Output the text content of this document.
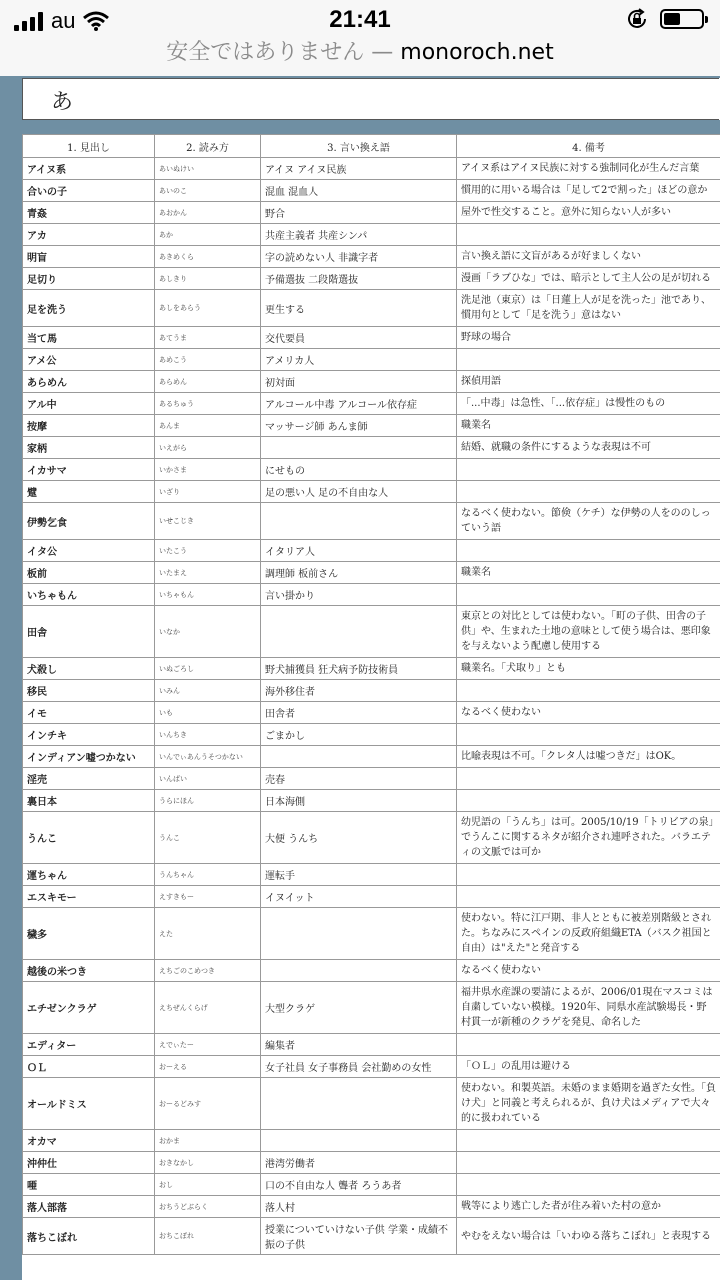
au	21:41
安全ではありません — monoroch.net
あ
1. 見出し	2. 読み方	3. 言い換え語	4. 備考
アイヌ系	あいぬけい	アイヌ アイヌ民族	アイヌ系はアイヌ民族に対する強制同化が生んだ言葉
合いの子	あいのこ	混血 混血人	慣用的に用いる場合は「足して2で割った」ほどの意か
青姦	あおかん	野合	屋外で性交すること。意外に知らない人が多い
アカ	あか	共産主義者 共産シンパ	
明盲	あきめくら	字の読めない人 非識字者	言い換え語に文盲があるが好ましくない
足切り	あしきり	予備選抜 二段階選抜	漫画「ラブひな」では、暗示として主人公の足が切れる
足を洗う	あしをあらう	更生する	洗足池（東京）は「日蓮上人が足を洗った」池であり、慣用句として「足を洗う」意はない
当て馬	あてうま	交代要員	野球の場合
アメ公	あめこう	アメリカ人	
あらめん	あらめん	初対面	探偵用語
アル中	あるちゅう	アルコール中毒 アルコール依存症	「...中毒」は急性、「...依存症」は慢性のもの
按摩	あんま	マッサージ師 あんま師	職業名
家柄	いえがら		結婚、就職の条件にするような表現は不可
イカサマ	いかさま	にせもの	
躄	いざり	足の悪い人 足の不自由な人	
伊勢乞食	いせこじき		なるべく使わない。節倹（ケチ）な伊勢の人をののしっていう語
イタ公	いたこう	イタリア人	
板前	いたまえ	調理師 板前さん	職業名
いちゃもん	いちゃもん	言い掛かり	
田舎	いなか		東京との対比としては使わない。「町の子供、田舎の子供」や、生まれた土地の意味として使う場合は、悪印象を与えないよう配慮し使用する
犬殺し	いぬごろし	野犬捕獲員 狂犬病予防技術員	職業名。「犬取り」とも
移民	いみん	海外移住者	
イモ	いも	田舎者	なるべく使わない
インチキ	いんちき	ごまかし	
インディアン嘘つかない	いんでぃあんうそつかない		比喩表現は不可。「クレタ人は嘘つきだ」はOK。
淫売	いんばい	売春	
裏日本	うらにほん	日本海側	
うんこ	うんこ	大便 うんち	幼児語の「うんち」は可。2005/10/19「トリビアの泉」でうんこに関するネタが紹介され連呼された。バラエティの文脈では可か
運ちゃん	うんちゃん	運転手	
エスキモー	えすきもー	イヌイット	
穢多	えた		使わない。特に江戸期、非人とともに被差別階級とされた。ちなみにスペインの反政府組織ETA（バスク祖国と自由）は"えた"と発音する
越後の米つき	えちごのこめつき		なるべく使わない
エチゼンクラゲ	えちぜんくらげ	大型クラゲ	福井県水産課の要請によるが、2006/01現在マスコミは自粛していない模様。1920年、同県水産試験場長・野村貫一が新種のクラゲを発見、命名した
エディター	えでぃたー	編集者	
ＯＬ	おーえる	女子社員 女子事務員 会社勤めの女性	「ＯＬ」の乱用は避ける
オールドミス	おーるどみす		使わない。和製英語。未婚のまま婚期を過ぎた女性。「負け犬」と同義と考えられるが、負け犬はメディアで大々的に扱われている
オカマ	おかま		
沖仲仕	おきなかし	港湾労働者	
唖	おし	口の不自由な人 聾者 ろうあ者	
落人部落	おちうどぶらく	落人村	戦等により逃亡した者が住み着いた村の意か
落ちこぼれ	おちこぼれ	授業についていけない子供 学業・成績不振の子供	やむをえない場合は「いわゆる落ちこぼれ」と表現する
